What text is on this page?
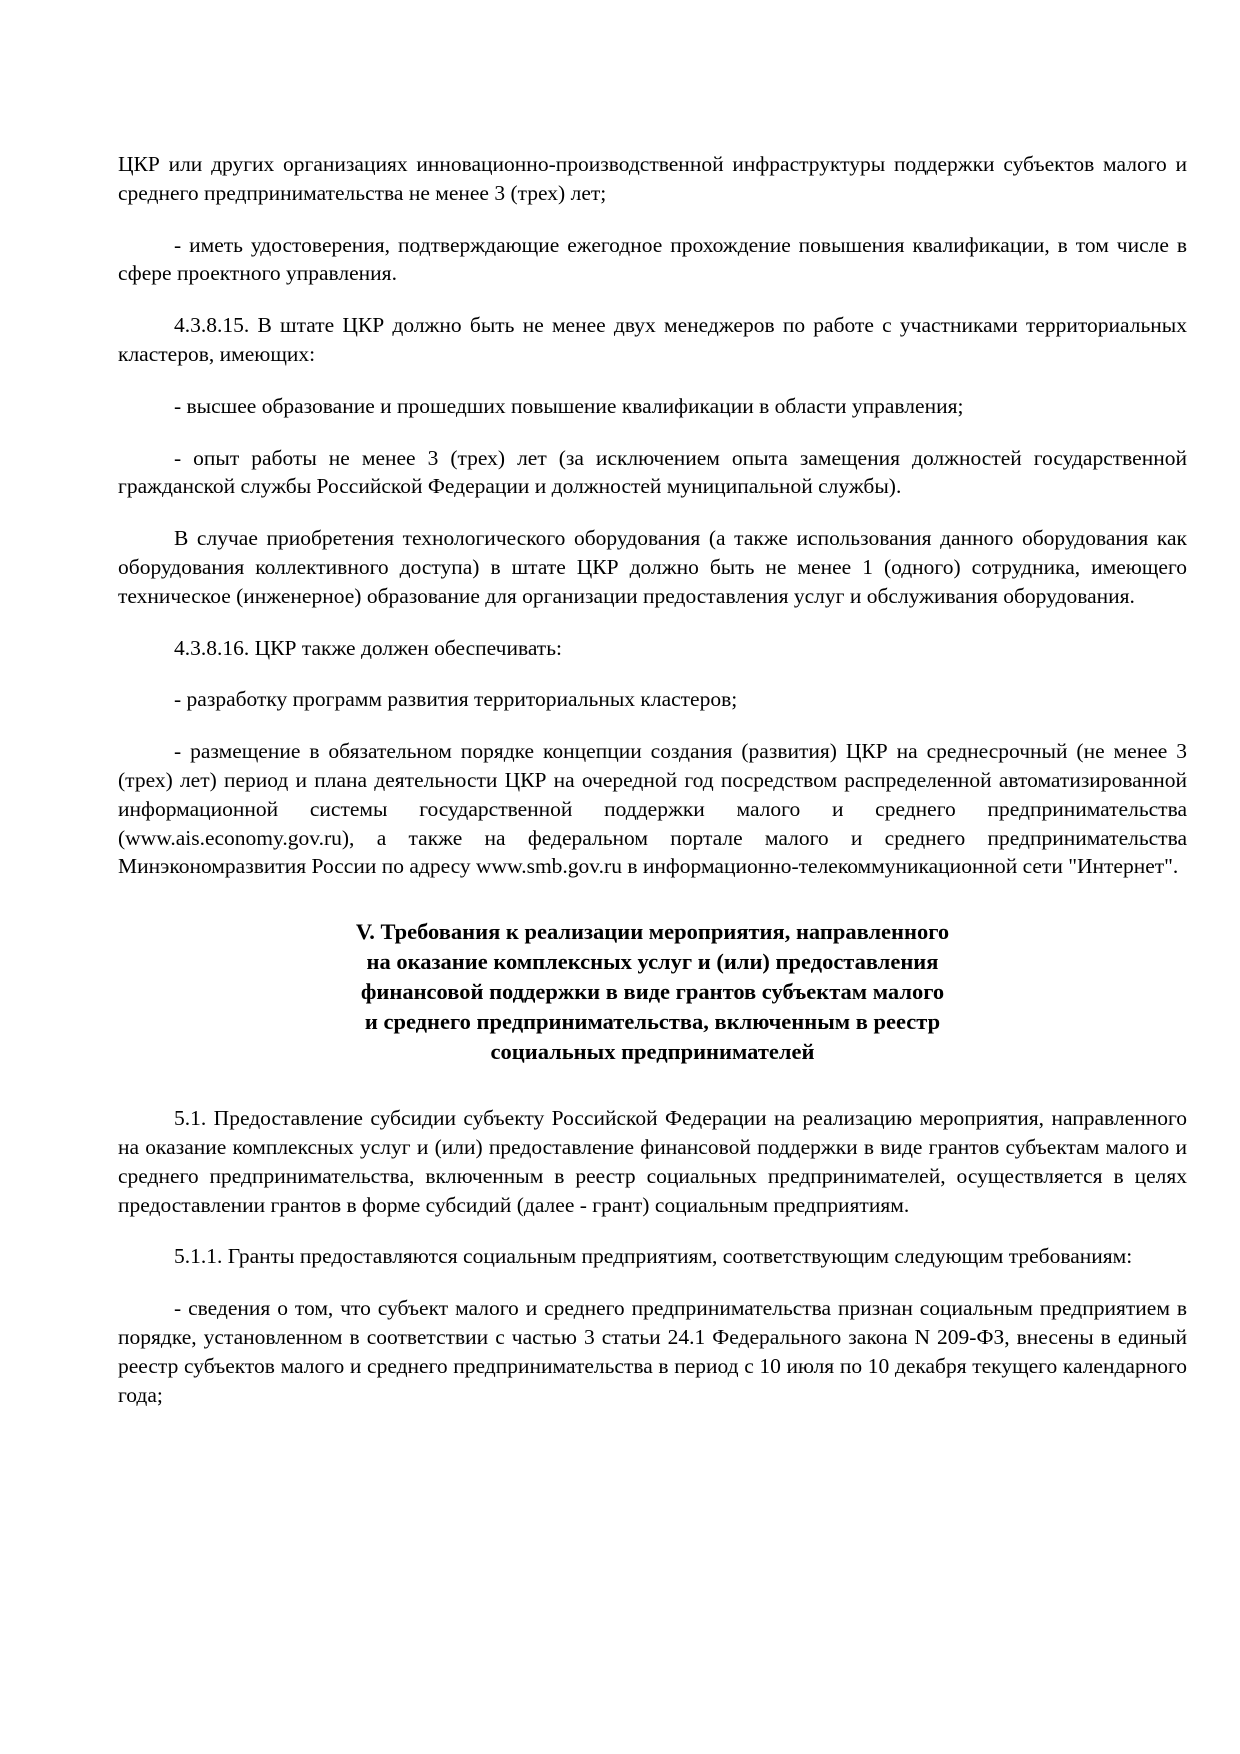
ЦКР или других организациях инновационно-производственной инфраструктуры поддержки субъектов малого и среднего предпринимательства не менее 3 (трех) лет;

- иметь удостоверения, подтверждающие ежегодное прохождение повышения квалификации, в том числе в сфере проектного управления.

4.3.8.15. В штате ЦКР должно быть не менее двух менеджеров по работе с участниками территориальных кластеров, имеющих:

- высшее образование и прошедших повышение квалификации в области управления;

- опыт работы не менее 3 (трех) лет (за исключением опыта замещения должностей государственной гражданской службы Российской Федерации и должностей муниципальной службы).

В случае приобретения технологического оборудования (а также использования данного оборудования как оборудования коллективного доступа) в штате ЦКР должно быть не менее 1 (одного) сотрудника, имеющего техническое (инженерное) образование для организации предоставления услуг и обслуживания оборудования.

4.3.8.16. ЦКР также должен обеспечивать:

- разработку программ развития территориальных кластеров;

- размещение в обязательном порядке концепции создания (развития) ЦКР на среднесрочный (не менее 3 (трех) лет) период и плана деятельности ЦКР на очередной год посредством распределенной автоматизированной информационной системы государственной поддержки малого и среднего предпринимательства (www.ais.economy.gov.ru), а также на федеральном портале малого и среднего предпринимательства Минэкономразвития России по адресу www.smb.gov.ru в информационно-телекоммуникационной сети "Интернет".

V. Требования к реализации мероприятия, направленного
на оказание комплексных услуг и (или) предоставления
финансовой поддержки в виде грантов субъектам малого
и среднего предпринимательства, включенным в реестр
социальных предпринимателей

5.1. Предоставление субсидии субъекту Российской Федерации на реализацию мероприятия, направленного на оказание комплексных услуг и (или) предоставление финансовой поддержки в виде грантов субъектам малого и среднего предпринимательства, включенным в реестр социальных предпринимателей, осуществляется в целях предоставлении грантов в форме субсидий (далее - грант) социальным предприятиям.

5.1.1. Гранты предоставляются социальным предприятиям, соответствующим следующим требованиям:

- сведения о том, что субъект малого и среднего предпринимательства признан социальным предприятием в порядке, установленном в соответствии с частью 3 статьи 24.1 Федерального закона N 209-ФЗ, внесены в единый реестр субъектов малого и среднего предпринимательства в период с 10 июля по 10 декабря текущего календарного года;
